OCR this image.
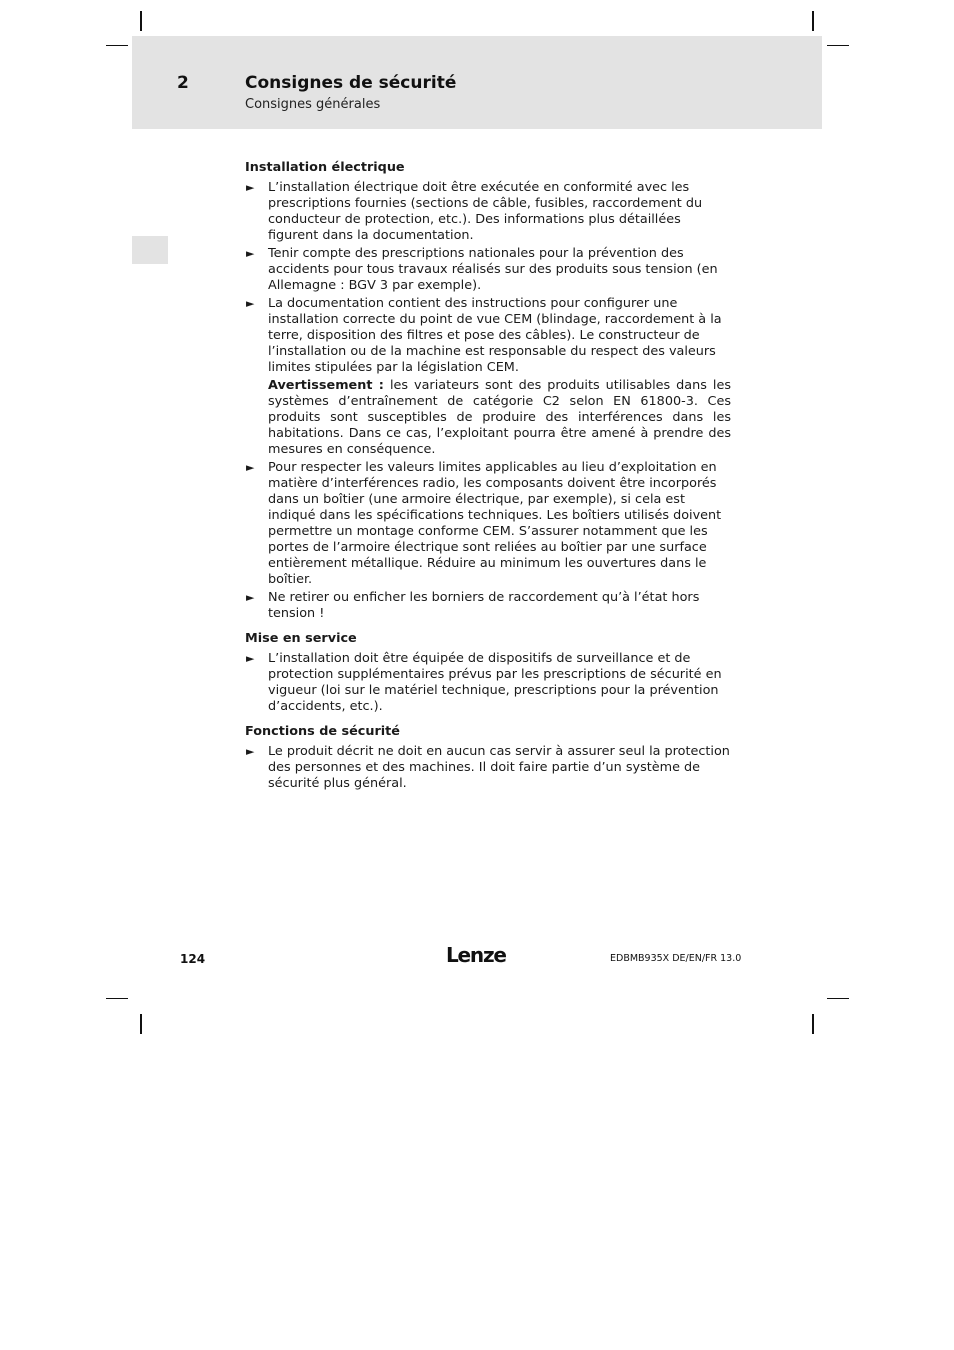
2	Consignes de sécurité
Consignes générales
Installation électrique
► L’installation électrique doit être exécutée en conformité avec les prescriptions fournies (sections de câble, fusibles, raccordement du conducteur de protection, etc.). Des informations plus détaillées figurent dans la documentation.
► Tenir compte des prescriptions nationales pour la prévention des accidents pour tous travaux réalisés sur des produits sous tension (en Allemagne : BGV 3 par exemple).
► La documentation contient des instructions pour configurer une installation correcte du point de vue CEM (blindage, raccordement à la terre, disposition des filtres et pose des câbles). Le constructeur de l’installation ou de la machine est responsable du respect des valeurs limites stipulées par la législation CEM.
Avertissement : les variateurs sont des produits utilisables dans les systèmes d’entraînement de catégorie C2 selon EN 61800-3. Ces produits sont susceptibles de produire des interférences dans les habitations. Dans ce cas, l’exploitant pourra être amené à prendre des mesures en conséquence.
► Pour respecter les valeurs limites applicables au lieu d’exploitation en matière d’interférences radio, les composants doivent être incorporés dans un boîtier (une armoire électrique, par exemple), si cela est indiqué dans les spécifications techniques. Les boîtiers utilisés doivent permettre un montage conforme CEM. S’assurer notamment que les portes de l’armoire électrique sont reliées au boîtier par une surface entièrement métallique. Réduire au minimum les ouvertures dans le boîtier.
► Ne retirer ou enficher les borniers de raccordement qu’à l’état hors tension !
Mise en service
► L’installation doit être équipée de dispositifs de surveillance et de protection supplémentaires prévus par les prescriptions de sécurité en vigueur (loi sur le matériel technique, prescriptions pour la prévention d’accidents, etc.).
Fonctions de sécurité
► Le produit décrit ne doit en aucun cas servir à assurer seul la protection des personnes et des machines. Il doit faire partie d’un système de sécurité plus général.
124	Lenze	EDBMB935X DE/EN/FR 13.0
